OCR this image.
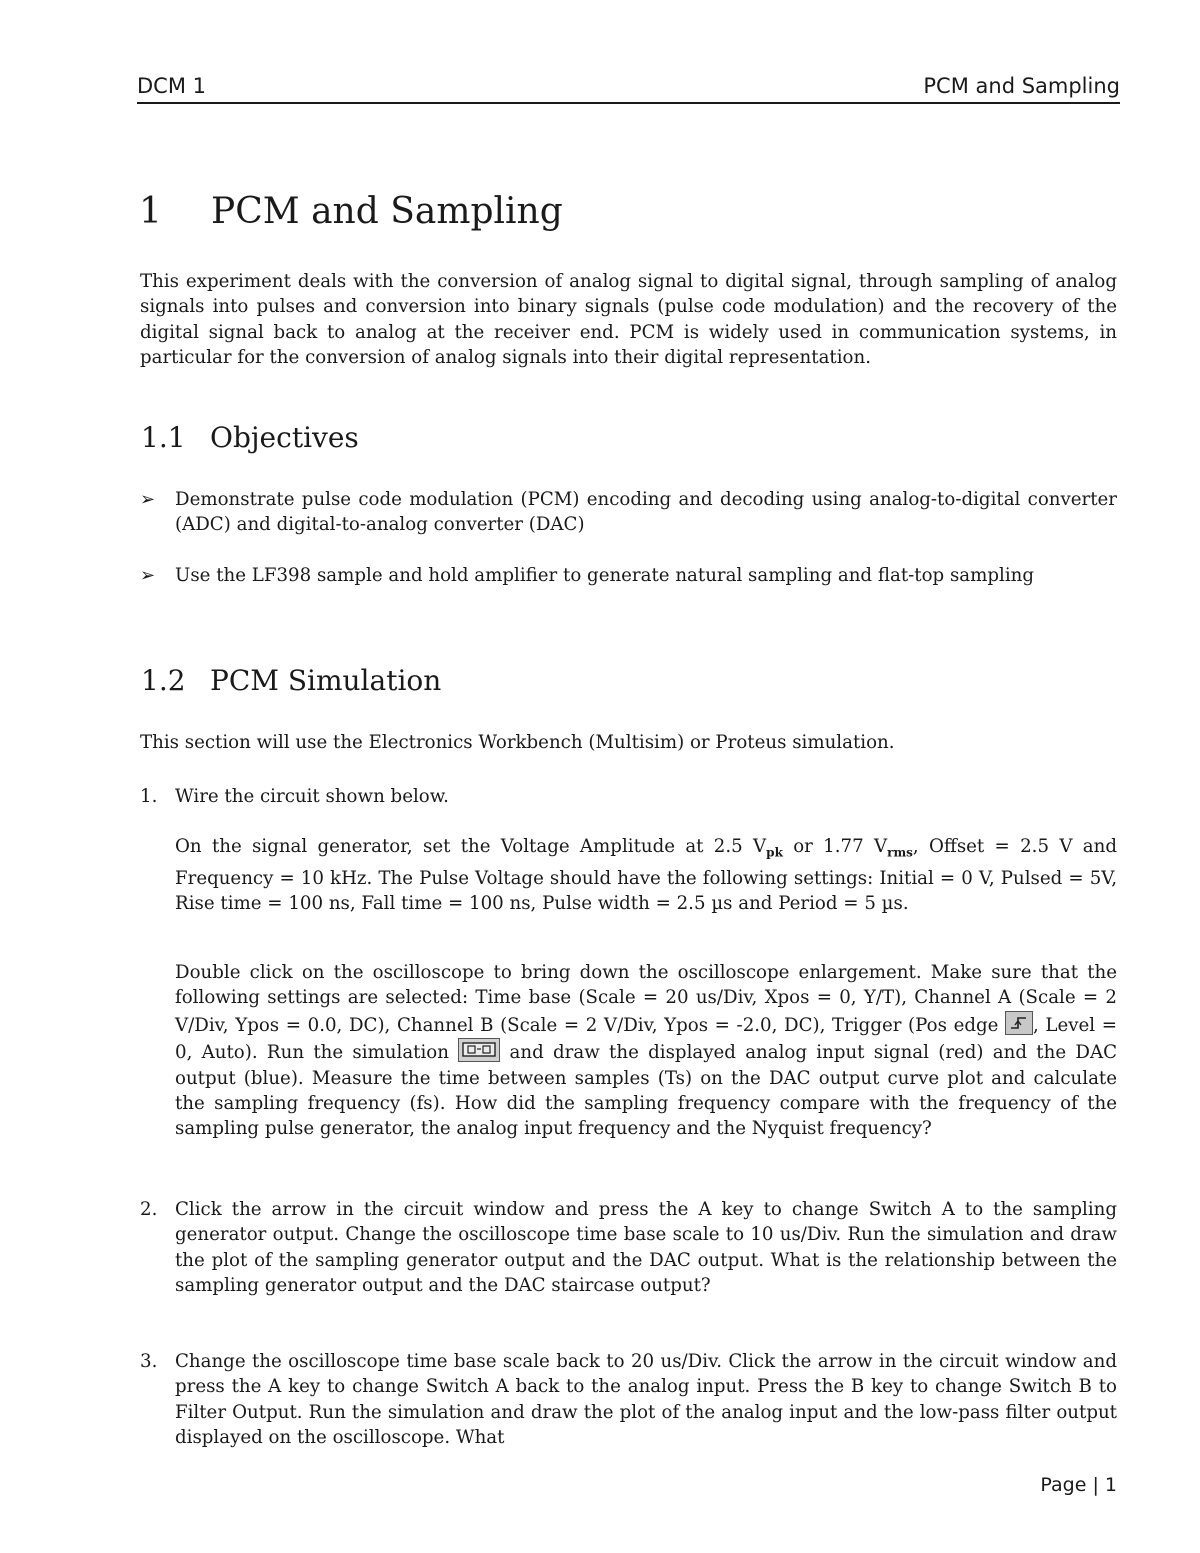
DCM 1	PCM and Sampling
1 PCM and Sampling

This experiment deals with the conversion of analog signal to digital signal, through sampling of analog signals into pulses and conversion into binary signals (pulse code modulation) and the recovery of the digital signal back to analog at the receiver end. PCM is widely used in communication systems, in particular for the conversion of analog signals into their digital representation.

1.1 Objectives
➢ Demonstrate pulse code modulation (PCM) encoding and decoding using analog-to-digital converter (ADC) and digital-to-analog converter (DAC)
➢ Use the LF398 sample and hold amplifier to generate natural sampling and flat-top sampling
1.2 PCM Simulation

This section will use the Electronics Workbench (Multisim) or Proteus simulation.

1. Wire the circuit shown below.
On the signal generator, set the Voltage Amplitude at 2.5 $V_{pk}$ or 1.77 $V_{rms}$, Offset = 2.5 V and Frequency = 10 kHz. The Pulse Voltage should have the following settings: Initial = 0 V, Pulsed = 5V, Rise time = 100 ns, Fall time = 100 ns, Pulse width = 2.5 µs and Period = 5 µs.
Double click on the oscilloscope to bring down the oscilloscope enlargement. Make sure that the following settings are selected: Time base (Scale = 20 us/Div, Xpos = 0, Y/T), Channel A (Scale = 2 V/Div, Ypos = 0.0, DC), Channel B (Scale = 2 V/Div, Ypos = -2.0, DC), Trigger (Pos edge , Level = 0, Auto). Run the simulation  and draw the displayed analog input signal (red) and the DAC output (blue). Measure the time between samples (Ts) on the DAC output curve plot and calculate the sampling frequency (fs). How did the sampling frequency compare with the frequency of the sampling pulse generator, the analog input frequency and the Nyquist frequency?
2. Click the arrow in the circuit window and press the A key to change Switch A to the sampling generator output. Change the oscilloscope time base scale to 10 us/Div. Run the simulation and draw the plot of the sampling generator output and the DAC output. What is the relationship between the sampling generator output and the DAC staircase output?
3. Change the oscilloscope time base scale back to 20 us/Div. Click the arrow in the circuit window and press the A key to change Switch A back to the analog input. Press the B key to change Switch B to Filter Output. Run the simulation and draw the plot of the analog input and the low-pass filter output displayed on the oscilloscope. What
Page | 1
